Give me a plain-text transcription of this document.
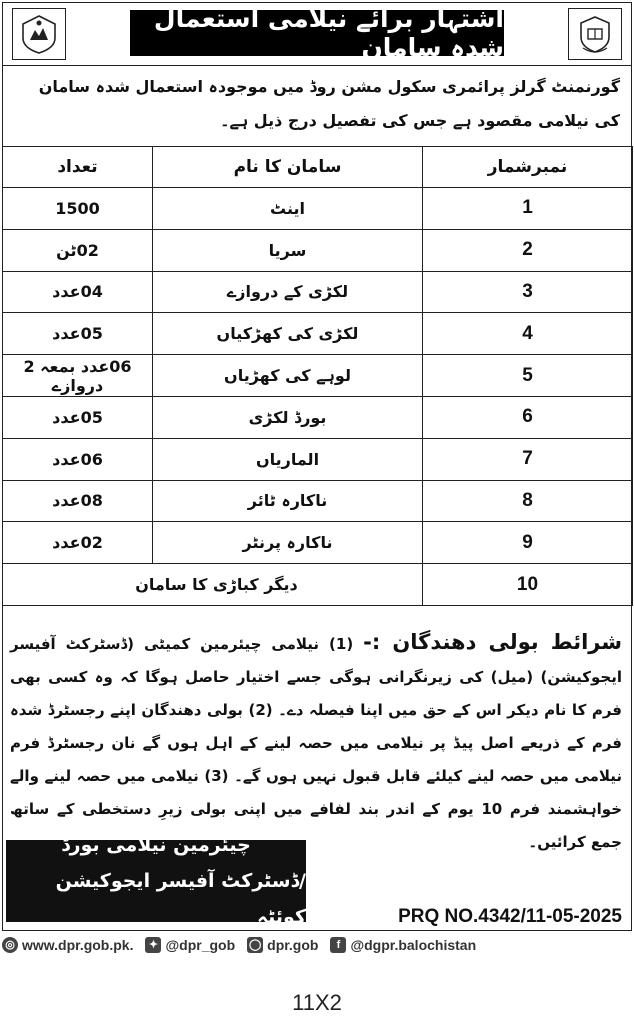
اشتہار برائے نیلامی استعمال شدہ سامان
گورنمنٹ گرلز پرائمری سکول مشن روڈ میں موجودہ استعمال شدہ سامان کی نیلامی مقصود ہے جس کی تفصیل درج ذیل ہے۔
تعداد	سامان کا نام	نمبرشمار
1500	اینٹ	1
02ٹن	سریا	2
04عدد	لکڑی کے دروازے	3
05عدد	لکڑی کی کھڑکیاں	4
06عدد بمعہ 2 دروازے	لوہے کی کھڑیاں	5
05عدد	بورڈ لکڑی	6
06عدد	الماریاں	7
08عدد	ناکارہ ٹائر	8
02عدد	ناکارہ پرنٹر	9
دیگر کباڑی کا سامان		10
شرائط بولی دھندگان :- (1) نیلامی چیئرمین کمیٹی (ڈسٹرکٹ آفیسر ایجوکیشن) (میل) کی زیرنگرانی ہوگی جسے اختیار حاصل ہوگا کہ وہ کسی بھی فرم کا نام دیکر اس کے حق میں اپنا فیصلہ دے۔ (2) بولی دھندگان اپنے رجسٹرڈ شدہ فرم کے ذریعے اصل پیڈ پر نیلامی میں حصہ لینے کے اہل ہوں گے نان رجسٹرڈ فرم نیلامی میں حصہ لینے کیلئے قابل قبول نہیں ہوں گے۔ (3) نیلامی میں حصہ لینے والے خواہشمند فرم 10 یوم کے اندر بند لفافے میں اپنی بولی زیرِ دستخطی کے ساتھ جمع کرائیں۔
چیئرمین نیلامی بورڈ
/ڈسٹرکٹ آفیسر ایجوکیشن کوئٹہ	PRQ NO.4342/11-05-2025
◎ www.dpr.gob.pk.	✦ @dpr_gob ◯ dpr.gob	f @dgpr.balochistan
11X2
